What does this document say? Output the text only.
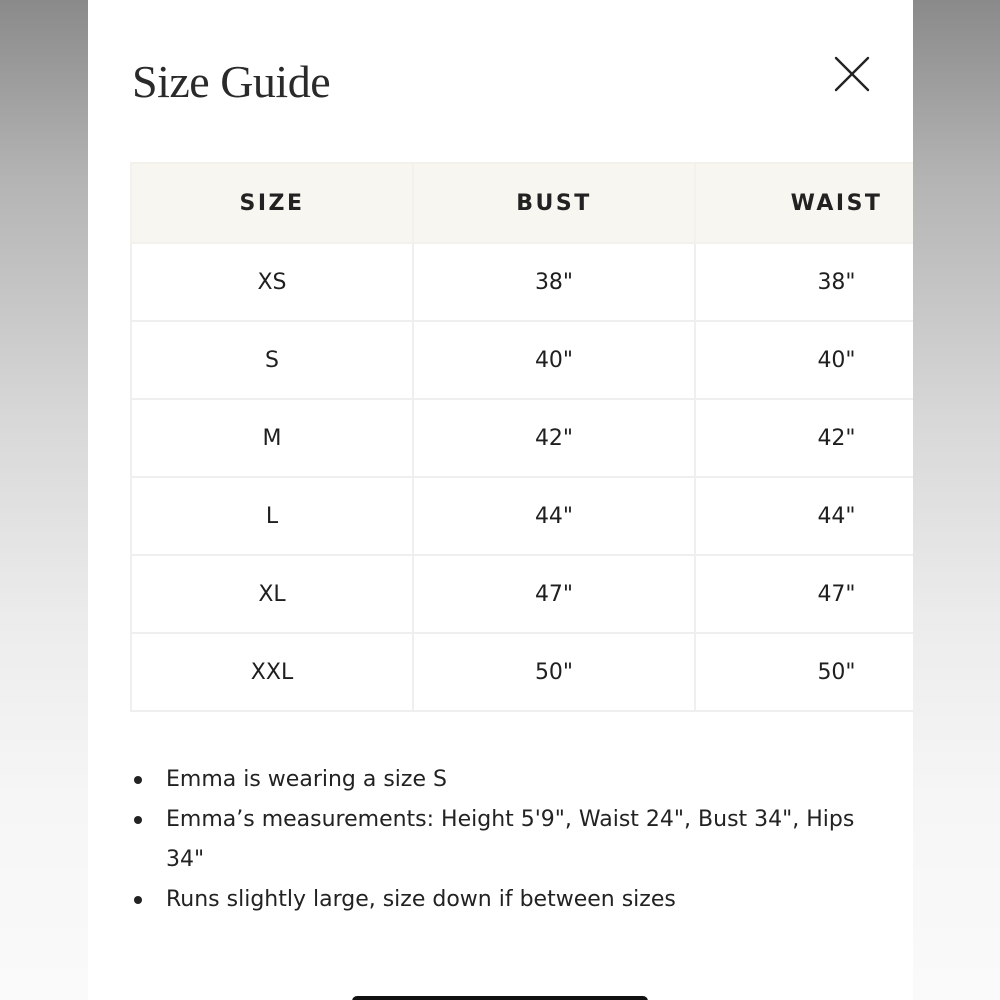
Size Guide
SIZE	BUST	WAIST
XS	38"	38"
S	40"	40"
M	42"	42"
L	44"	44"
XL	47"	47"
XXL	50"	50"
Emma is wearing a size S
Emma’s measurements: Height 5'9", Waist 24", Bust 34", Hips 34"
Runs slightly large, size down if between sizes
